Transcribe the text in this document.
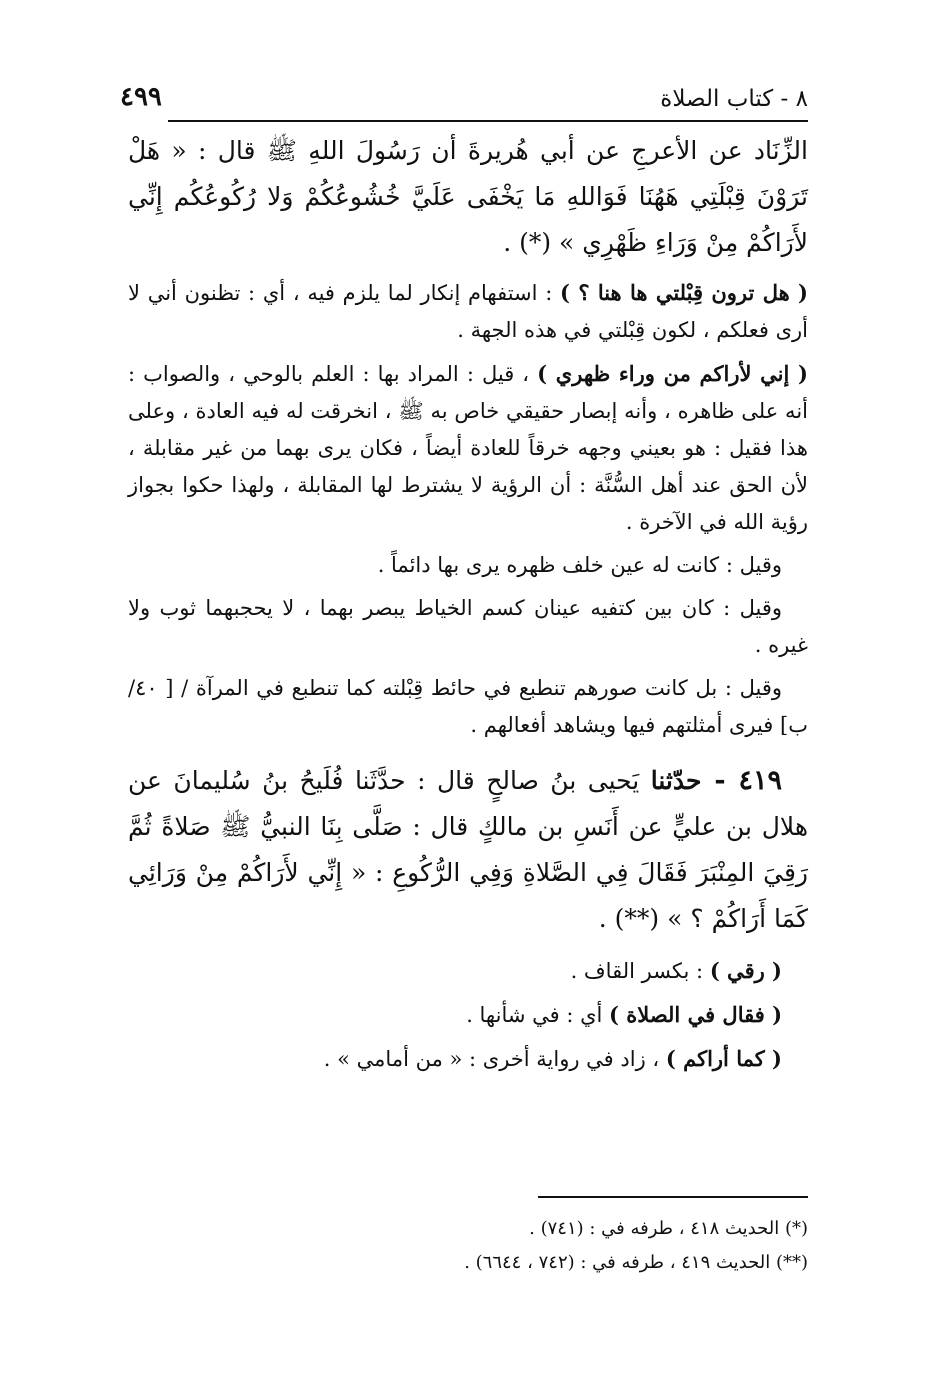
٤٩٩	٨ - كتاب الصلاة

الزِّنَاد عن الأعرجِ عن أبي هُريرةَ أن رَسُولَ اللهِ ﷺ قال : « هَلْ تَرَوْنَ قِبْلَتِي هَهُنَا فَوَاللهِ مَا يَخْفَى عَلَيَّ خُشُوعُكُمْ وَلا رُكُوعُكُم إِنِّي لأَرَاكُمْ مِنْ وَرَاءِ ظَهْرِي » (*) .

( هل ترون قِبْلتي ها هنا ؟ ) : استفهام إنكار لما يلزم فيه ، أي : تظنون أني لا أرى فعلكم ، لكون قِبْلتي في هذه الجهة .

( إني لأراكم من وراء ظهري ) ، قيل : المراد بها : العلم بالوحي ، والصواب : أنه على ظاهره ، وأنه إبصار حقيقي خاص به ﷺ ، انخرقت له فيه العادة ، وعلى هذا فقيل : هو بعيني وجهه خرقاً للعادة أيضاً ، فكان يرى بهما من غير مقابلة ، لأن الحق عند أهل السُّنَّة : أن الرؤية لا يشترط لها المقابلة ، ولهذا حكوا بجواز رؤية الله في الآخرة .

وقيل : كانت له عين خلف ظهره يرى بها دائماً .

وقيل : كان بين كتفيه عينان كسم الخياط يبصر بهما ، لا يحجبهما ثوب ولا غيره .

وقيل : بل كانت صورهم تنطبع في حائط قِبْلته كما تنطبع في المرآة / [ ٤٠/ب] فيرى أمثلتهم فيها ويشاهد أفعالهم .

٤١٩ - حدّثنا يَحيى بنُ صالحٍ قال : حدَّثَنا فُلَيحُ بنُ سُليمانَ عن هلال بن عليٍّ عن أَنَسِ بن مالكٍ قال : صَلَّى بِنَا النبيُّ ﷺ صَلاةً ثُمَّ رَقِيَ المِنْبَرَ فَقَالَ فِي الصَّلاةِ وَفِي الرُّكُوعِ : « إِنِّي لأَرَاكُمْ مِنْ وَرَائِي كَمَا أَرَاكُمْ ؟ » (**) .

( رقي ) : بكسر القاف .

( فقال في الصلاة ) أي : في شأنها .

( كما أراكم ) ، زاد في رواية أخرى : « من أمامي » .

(*) الحديث ٤١٨ ، طرفه في : (٧٤١) .

(**) الحديث ٤١٩ ، طرفه في : (٧٤٢ ، ٦٦٤٤) .
